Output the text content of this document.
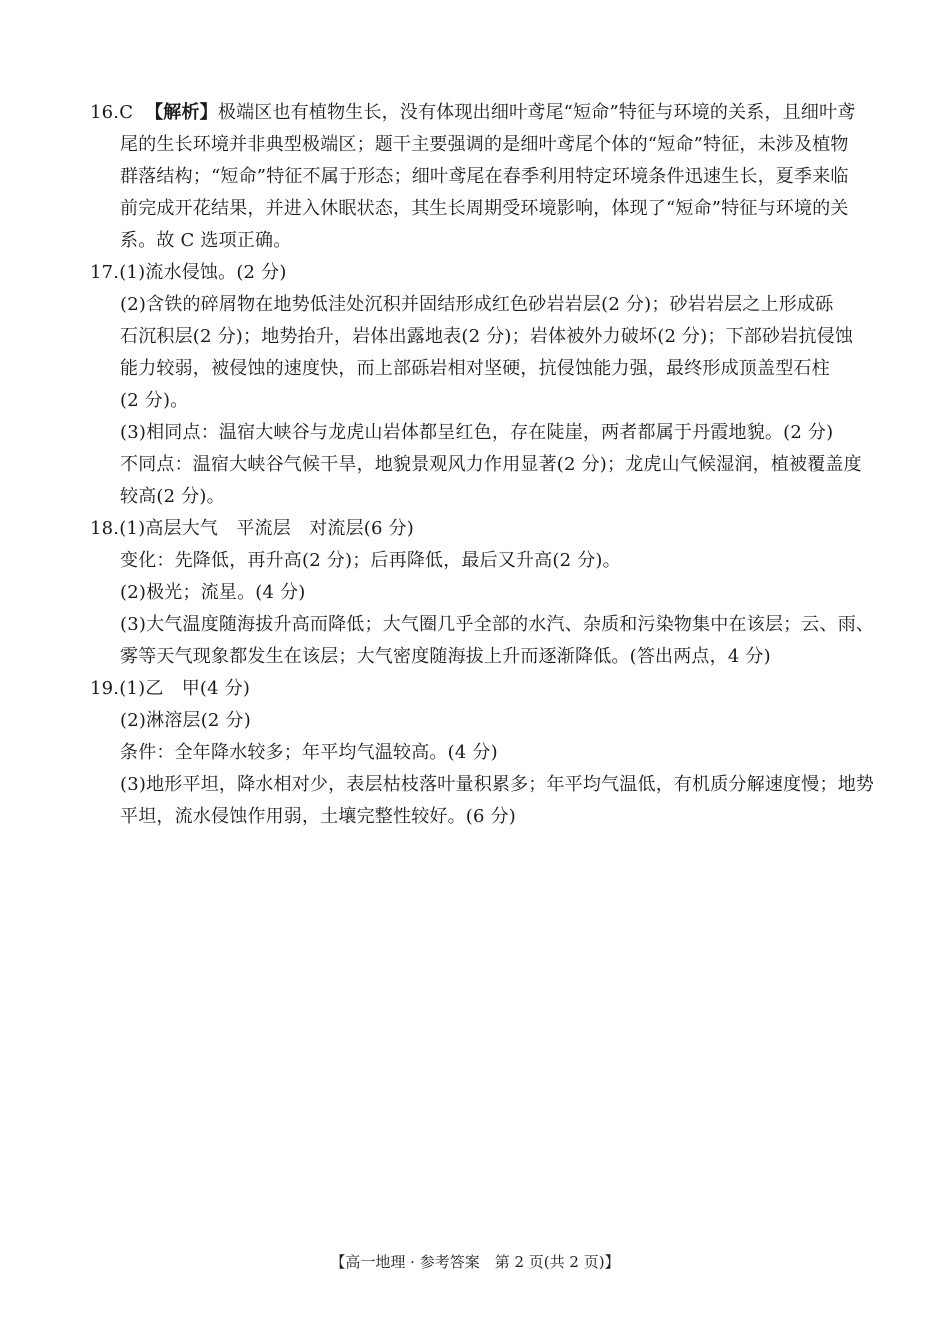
16.C 【解析】极端区也有植物生长，没有体现出细叶鸢尾“短命”特征与环境的关系，且细叶鸢
尾的生长环境并非典型极端区；题干主要强调的是细叶鸢尾个体的“短命”特征，未涉及植物
群落结构；“短命”特征不属于形态；细叶鸢尾在春季利用特定环境条件迅速生长，夏季来临
前完成开花结果，并进入休眠状态，其生长周期受环境影响，体现了“短命”特征与环境的关
系。故 C 选项正确。
17.(1)流水侵蚀。(2 分)
(2)含铁的碎屑物在地势低洼处沉积并固结形成红色砂岩岩层(2 分)；砂岩岩层之上形成砾
石沉积层(2 分)；地势抬升，岩体出露地表(2 分)；岩体被外力破坏(2 分)；下部砂岩抗侵蚀
能力较弱，被侵蚀的速度快，而上部砾岩相对坚硬，抗侵蚀能力强，最终形成顶盖型石柱
(2 分)。
(3)相同点：温宿大峡谷与龙虎山岩体都呈红色，存在陡崖，两者都属于丹霞地貌。(2 分)
不同点：温宿大峡谷气候干旱，地貌景观风力作用显著(2 分)；龙虎山气候湿润，植被覆盖度
较高(2 分)。
18.(1)高层大气　平流层　对流层(6 分)
变化：先降低，再升高(2 分)；后再降低，最后又升高(2 分)。
(2)极光；流星。(4 分)
(3)大气温度随海拔升高而降低；大气圈几乎全部的水汽、杂质和污染物集中在该层；云、雨、
雾等天气现象都发生在该层；大气密度随海拔上升而逐渐降低。(答出两点，4 分)
19.(1)乙　甲(4 分)
(2)淋溶层(2 分)
条件：全年降水较多；年平均气温较高。(4 分)
(3)地形平坦，降水相对少，表层枯枝落叶量积累多；年平均气温低，有机质分解速度慢；地势
平坦，流水侵蚀作用弱，土壤完整性较好。(6 分)
【高一地理 · 参考答案　第 2 页(共 2 页)】
